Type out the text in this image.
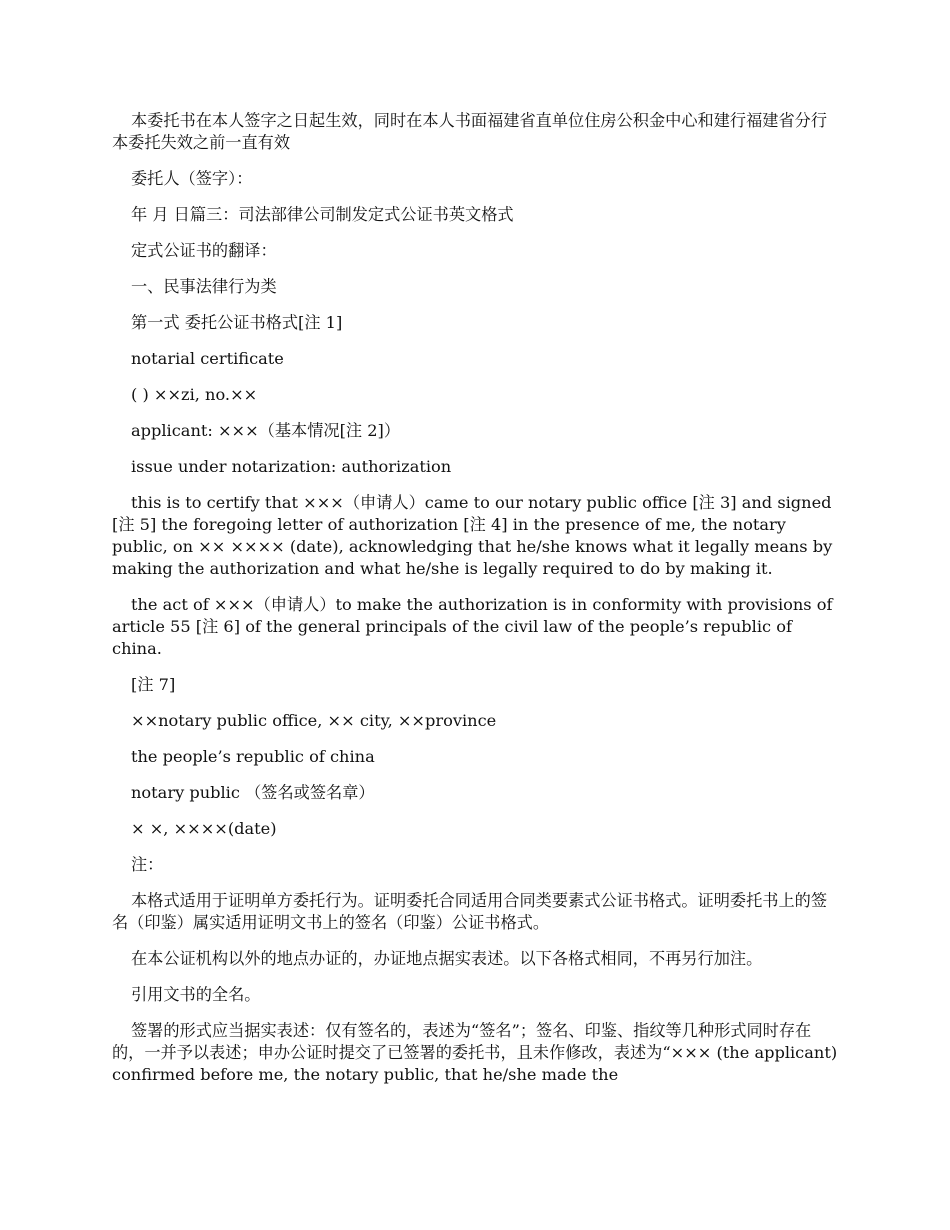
本委托书在本人签字之日起生效，同时在本人书面福建省直单位住房公积金中心和建行福建省分行本委托失效之前一直有效

委托人（签字）：

年 月 日篇三：司法部律公司制发定式公证书英文格式

定式公证书的翻译：

一、民事法律行为类

第一式 委托公证书格式[注 1]

notarial certificate

( ) ××zi, no.××

applicant: ×××（基本情况[注 2]）

issue under notarization: authorization

this is to certify that ×××（申请人）came to our notary public office [注 3] and signed [注 5] the foregoing letter of authorization [注 4] in the presence of me, the notary public, on ×× ×××× (date), acknowledging that he/she knows what it legally means by making the authorization and what he/she is legally required to do by making it.

the act of ×××（申请人）to make the authorization is in conformity with provisions of article 55 [注 6] of the general principals of the civil law of the people’s republic of china.

[注 7]

××notary public office, ×× city, ××province

the people’s republic of china

notary public （签名或签名章）

× ×, ××××(date)

注：

本格式适用于证明单方委托行为。证明委托合同适用合同类要素式公证书格式。证明委托书上的签名（印鉴）属实适用证明文书上的签名（印鉴）公证书格式。

在本公证机构以外的地点办证的，办证地点据实表述。以下各格式相同，不再另行加注。

引用文书的全名。

签署的形式应当据实表述：仅有签名的，表述为“签名”；签名、印鉴、指纹等几种形式同时存在的，一并予以表述；申办公证时提交了已签署的委托书，且未作修改，表述为“××× (the applicant) confirmed before me, the notary public, that he/she made the
